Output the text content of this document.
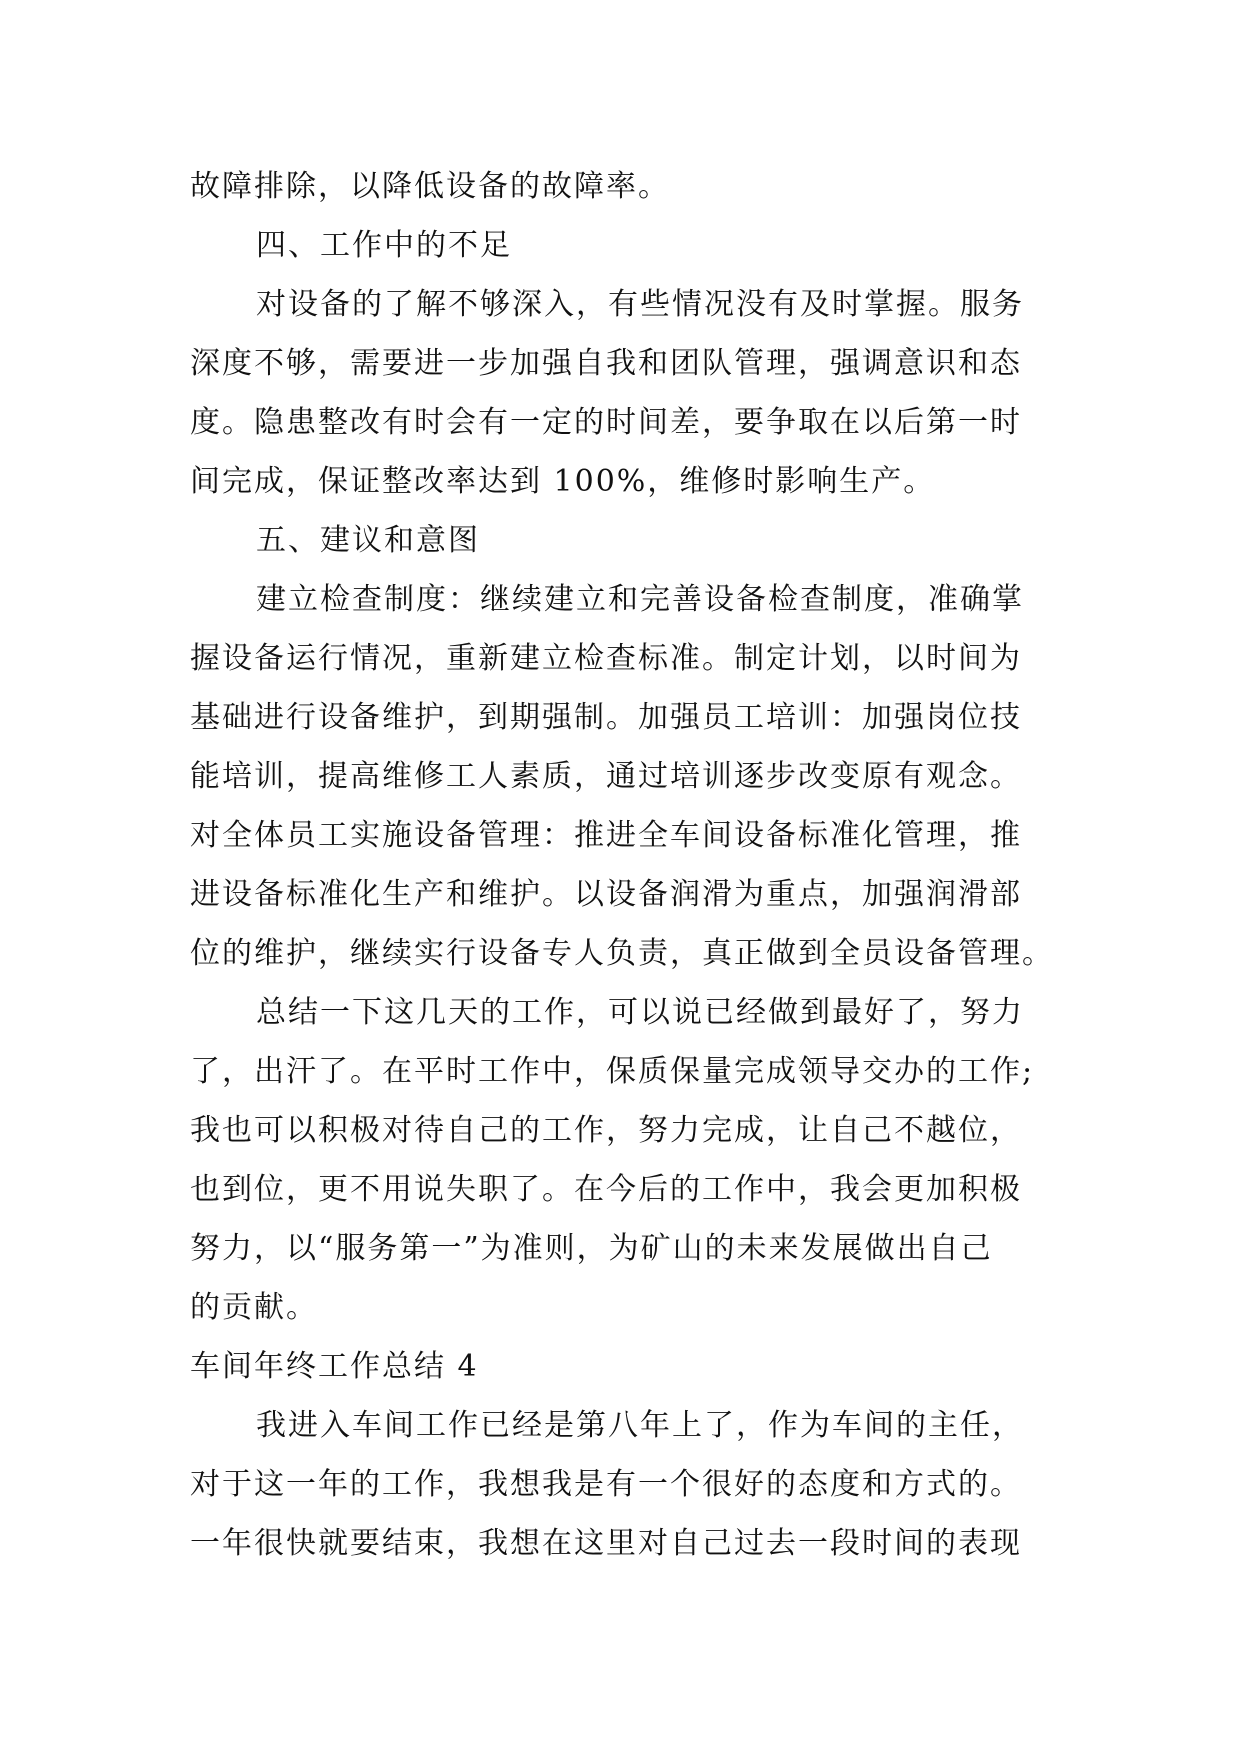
故障排除，以降低设备的故障率。
四、工作中的不足
对设备的了解不够深入，有些情况没有及时掌握。服务
深度不够，需要进一步加强自我和团队管理，强调意识和态
度。隐患整改有时会有一定的时间差，要争取在以后第一时
间完成，保证整改率达到 100%，维修时影响生产。
五、建议和意图
建立检查制度：继续建立和完善设备检查制度，准确掌
握设备运行情况，重新建立检查标准。制定计划，以时间为
基础进行设备维护，到期强制。加强员工培训：加强岗位技
能培训，提高维修工人素质，通过培训逐步改变原有观念。
对全体员工实施设备管理：推进全车间设备标准化管理，推
进设备标准化生产和维护。以设备润滑为重点，加强润滑部
位的维护，继续实行设备专人负责，真正做到全员设备管理。
总结一下这几天的工作，可以说已经做到最好了，努力
了，出汗了。在平时工作中，保质保量完成领导交办的工作;
我也可以积极对待自己的工作，努力完成，让自己不越位，
也到位，更不用说失职了。在今后的工作中，我会更加积极
努力，以“服务第一”为准则，为矿山的未来发展做出自己
的贡献。
车间年终工作总结 4
我进入车间工作已经是第八年上了，作为车间的主任，
对于这一年的工作，我想我是有一个很好的态度和方式的。
一年很快就要结束，我想在这里对自己过去一段时间的表现
